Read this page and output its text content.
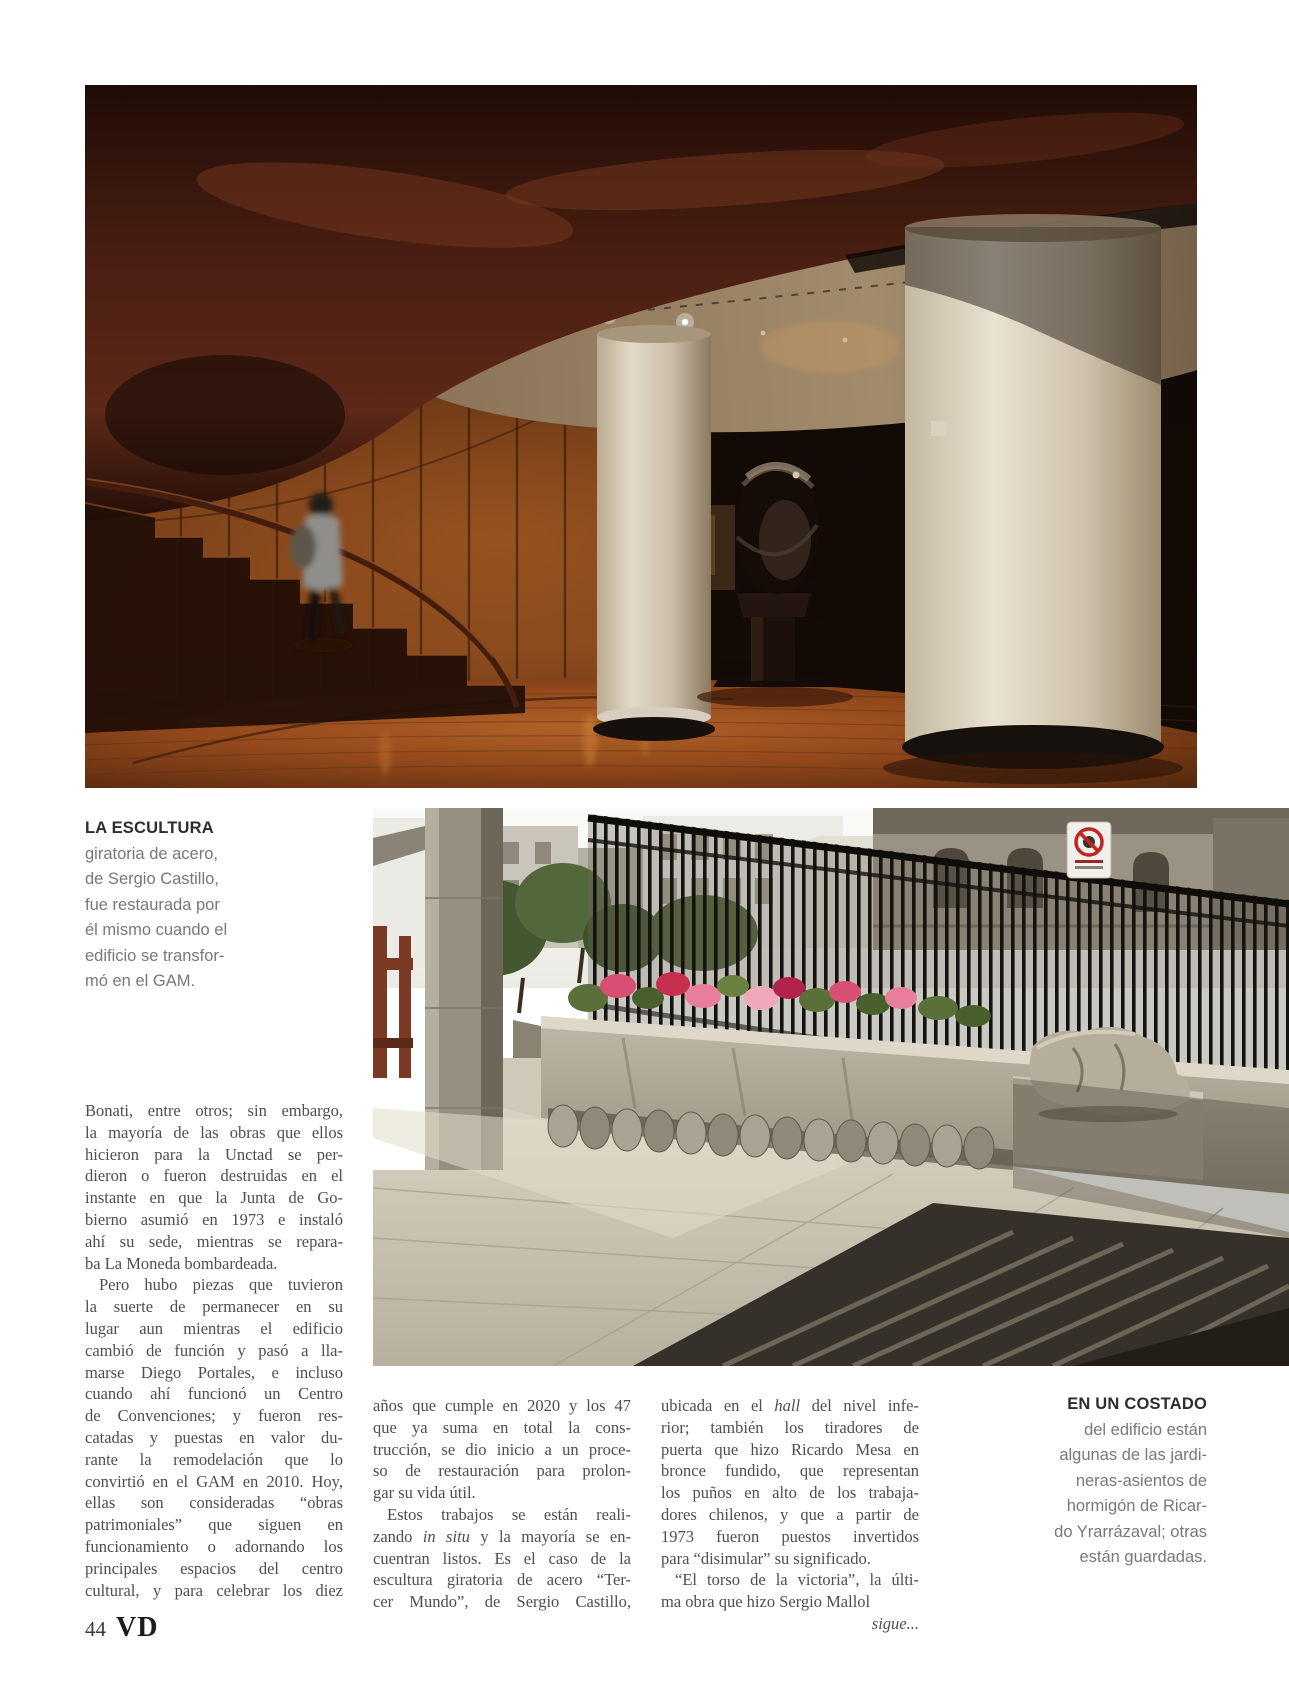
LA ESCULTURA
giratoria de acero,
de Sergio Castillo,
fue restaurada por
él mismo cuando el
edificio se transfor-
mó en el GAM.
Bonati, entre otros; sin embargo,
la mayoría de las obras que ellos
hicieron para la Unctad se per-
dieron o fueron destruidas en el
instante en que la Junta de Go-
bierno asumió en 1973 e instaló
ahí su sede, mientras se repara-
ba La Moneda bombardeada.
Pero hubo piezas que tuvieron
la suerte de permanecer en su
lugar aun mientras el edificio
cambió de función y pasó a lla-
marse Diego Portales, e incluso
cuando ahí funcionó un Centro
de Convenciones; y fueron res-
catadas y puestas en valor du-
rante la remodelación que lo
convirtió en el GAM en 2010. Hoy,
ellas son consideradas “obras
patrimoniales” que siguen en
funcionamiento o adornando los
principales espacios del centro
cultural, y para celebrar los diez
años que cumple en 2020 y los 47
que ya suma en total la cons-
trucción, se dio inicio a un proce-
so de restauración para prolon-
gar su vida útil.
Estos trabajos se están reali-
zando in situ y la mayoría se en-
cuentran listos. Es el caso de la
escultura giratoria de acero “Ter-
cer Mundo”, de Sergio Castillo,
ubicada en el hall del nivel infe-
rior; también los tiradores de
puerta que hizo Ricardo Mesa en
bronce fundido, que representan
los puños en alto de los trabaja-
dores chilenos, y que a partir de
1973 fueron puestos invertidos
para “disimular” su significado.
“El torso de la victoria”, la últi-
ma obra que hizo Sergio Mallol
sigue...
EN UN COSTADO
del edificio están
algunas de las jardi-
neras-asientos de
hormigón de Ricar-
do Yrarrázaval; otras
están guardadas.
44 VD
